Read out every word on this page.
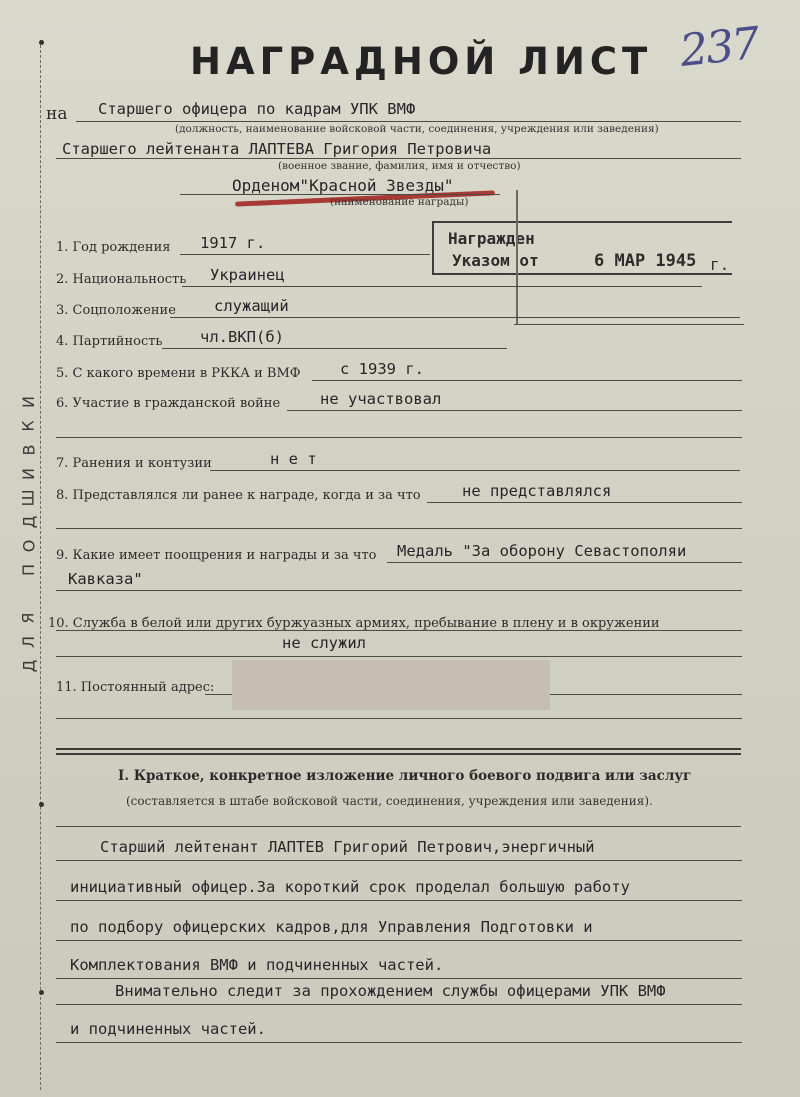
Д
Л
Я

П
О
Д
Ш
И
В
К
И
НАГРАДНОЙ ЛИСТ 237
на Старшего офицера по кадрам УПК ВМФ
(должность, наименование войсковой части, соединения, учреждения или заведения)
Старшего лейтенанта ЛАПТЕВА Григория Петровича
(военное звание, фамилия, имя и отчество)
Орденом"Красной Звезды"
(наименование награды)
Награжден
Указом от	6 МАР 1945 г.
1. Год рождения 1917 г.
2. Национальность Украинец
3. Соцположение служащий
4. Партийность чл.ВКП(б)
5. С какого времени в РККА и ВМФ	с 1939 г.
6. Участие в гражданской войне	не участвовал
7. Ранения и контузии	н е т
8. Представлялся ли ранее к награде, когда и за что	не представлялся
9. Какие имеет поощрения и награды и за что Медаль "За оборону Севастополяи
Кавказа"
10. Служба в белой или других буржуазных армиях, пребывание в плену и в окружении
не служил
11. Постоянный адрес:
I. Краткое, конкретное изложение личного боевого подвига или заслуг
(составляется в штабе войсковой части, соединения, учреждения или заведения).
Старший лейтенант ЛАПТЕВ Григорий Петрович,энергичный
инициативный офицер.За короткий срок проделал большую работу
по подбору офицерских кадров,для Управления Подготовки и
Комплектования ВМФ и подчиненных частей.
Внимательно следит за прохождением службы офицерами УПК ВМФ
и подчиненных частей.
